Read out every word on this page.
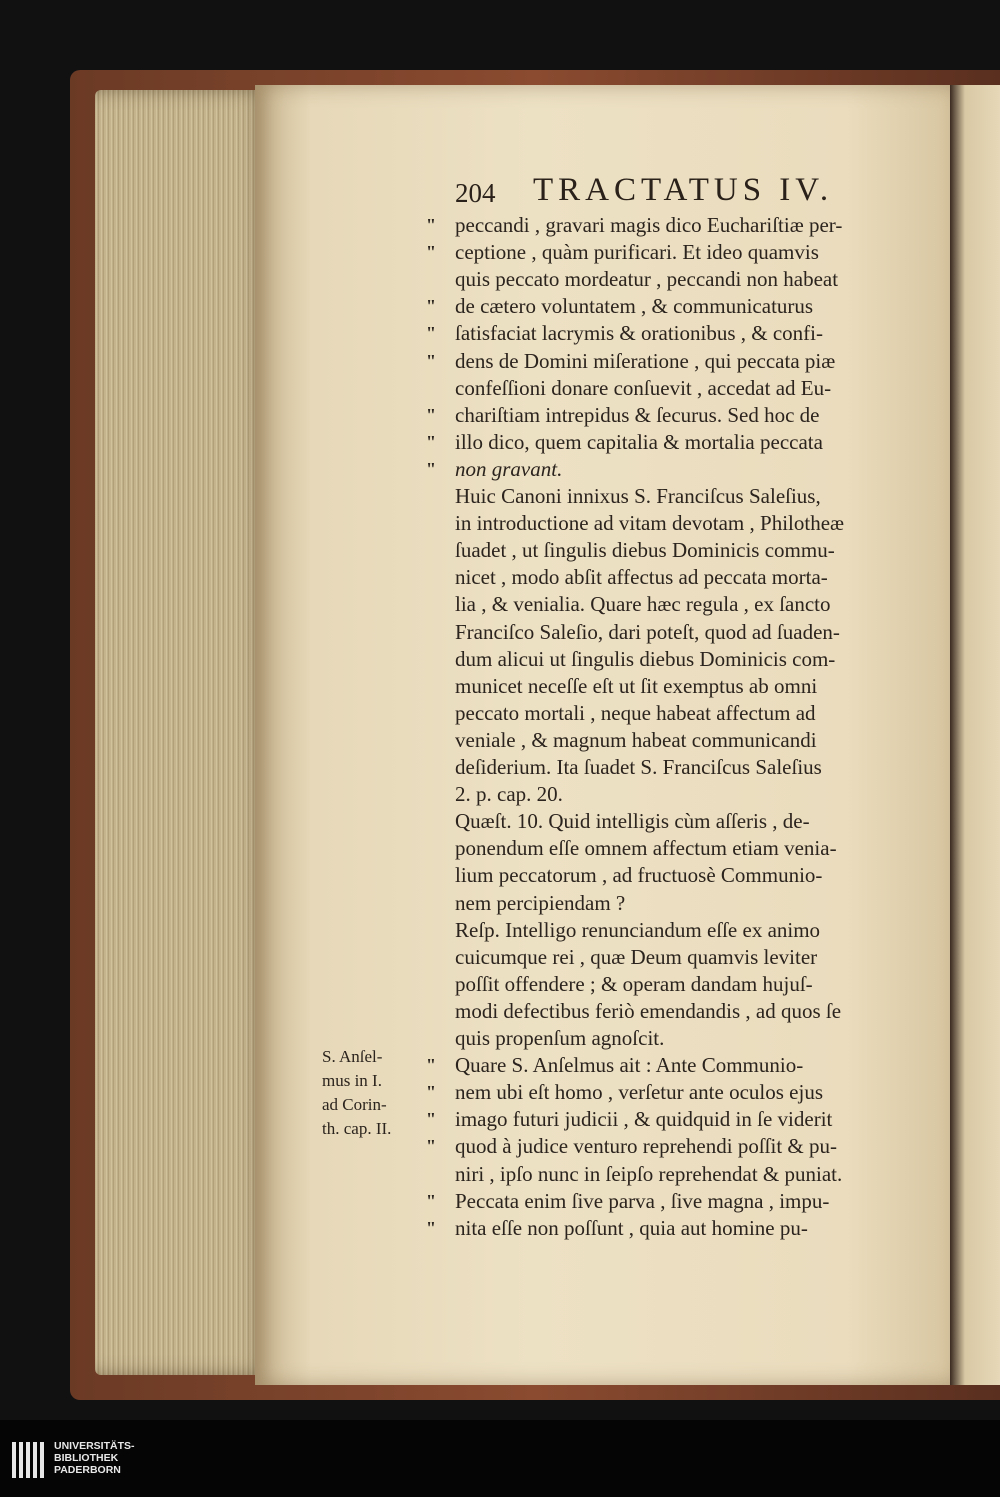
204 TRACTATUS IV.
peccandi , gravari magis dico Euchariſtiæ per-
"
ceptione , quàm purificari. Et ideo quamvis
"
quis peccato mordeatur , peccandi non habeat
de cætero voluntatem , & communicaturus
"
ſatisfaciat lacrymis & orationibus , & confi-
"
dens de Domini miſeratione , qui peccata piæ
"
confeſſioni donare conſuevit , accedat ad Eu-
chariſtiam intrepidus & ſecurus. Sed hoc de
"
illo dico, quem capitalia & mortalia peccata
"
non gravant.
"
Huic Canoni innixus S. Franciſcus Saleſius,
in introductione ad vitam devotam , Philotheæ
ſuadet , ut ſingulis diebus Dominicis commu-
nicet , modo abſit affectus ad peccata morta-
lia , & venialia. Quare hæc regula , ex ſancto
Franciſco Saleſio, dari poteſt, quod ad ſuaden-
dum alicui ut ſingulis diebus Dominicis com-
municet neceſſe eſt ut ſit exemptus ab omni
peccato mortali , neque habeat affectum ad
veniale , & magnum habeat communicandi
deſiderium. Ita ſuadet S. Franciſcus Saleſius
2. p. cap. 20.
Quæſt. 10. Quid intelligis cùm aſſeris , de-
ponendum eſſe omnem affectum etiam venia-
lium peccatorum , ad fructuosè Communio-
nem percipiendam ?
Reſp. Intelligo renunciandum eſſe ex animo
cuicumque rei , quæ Deum quamvis leviter
poſſit offendere ; & operam dandam hujuſ-
modi defectibus feriò emendandis , ad quos ſe
quis propenſum agnoſcit.
Quare S. Anſelmus ait : Ante Communio-
"
nem ubi eſt homo , verſetur ante oculos ejus
"
imago futuri judicii , & quidquid in ſe viderit
"
quod à judice venturo reprehendi poſſit & pu-
"
niri , ipſo nunc in ſeipſo reprehendat & puniat.
Peccata enim ſive parva , ſive magna , impu-
"
nita eſſe non poſſunt , quia aut homine pu-
"
S. Anſel-
mus in I.
ad Corin-
th. cap. II.
UNIVERSITÄTS-
BIBLIOTHEK
PADERBORN
